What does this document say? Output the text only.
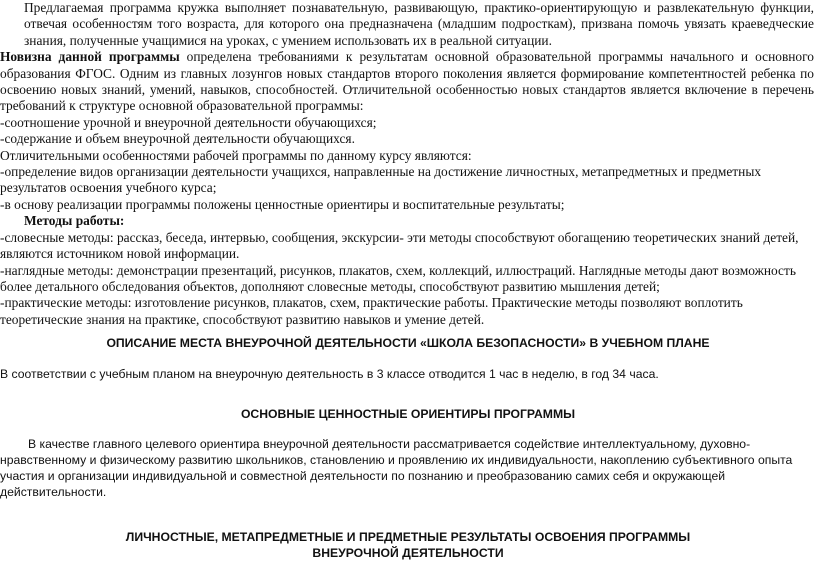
Предлагаемая программа кружка выполняет познавательную, развивающую, практико-ориентирующую и развлекательную функции, отвечая особенностям того возраста, для которого она предназначена (младшим подросткам), призвана помочь увязать краеведческие знания, полученные учащимися на уроках, с умением использовать их в реальной ситуации.

Новизна данной программы определена требованиями к результатам основной образовательной программы начального и основного образования ФГОС. Одним из главных лозунгов новых стандартов второго поколения является формирование компетентностей ребенка по освоению новых знаний, умений, навыков, способностей. Отличительной особенностью новых стандартов является включение в перечень требований к структуре основной образовательной программы:

-соотношение урочной и внеурочной деятельности обучающихся;

-содержание и объем внеурочной деятельности обучающихся.

Отличительными особенностями рабочей программы по данному курсу являются:

-определение видов организации деятельности учащихся, направленные на достижение личностных, метапредметных и предметных результатов освоения учебного курса;

-в основу реализации программы положены ценностные ориентиры и воспитательные результаты;

Методы работы:

-словесные методы: рассказ, беседа, интервью, сообщения, экскурсии- эти методы способствуют обогащению теоретических знаний детей, являются источником новой информации.

-наглядные методы: демонстрации презентаций, рисунков, плакатов, схем, коллекций, иллюстраций. Наглядные методы дают возможность более детального обследования объектов, дополняют словесные методы, способствуют развитию мышления детей;

-практические методы: изготовление рисунков, плакатов, схем, практические работы. Практические методы позволяют воплотить теоретические знания на практике, способствуют развитию навыков и умение детей.

ОПИСАНИЕ МЕСТА ВНЕУРОЧНОЙ ДЕЯТЕЛЬНОСТИ «ШКОЛА БЕЗОПАСНОСТИ» В УЧЕБНОМ ПЛАНЕ

В соответствии с учебным планом на внеурочную деятельность в 3 классе отводится 1 час в неделю, в год 34 часа.

ОСНОВНЫЕ ЦЕННОСТНЫЕ ОРИЕНТИРЫ ПРОГРАММЫ

В качестве главного целевого ориентира внеурочной деятельности рассматривается содействие интеллектуальному, духовно-нравственному и физическому развитию школьников, становлению и проявлению их индивидуальности, накоплению субъективного опыта участия и организации индивидуальной и совместной деятельности по познанию и преобразованию самих себя и окружающей действительности.

ЛИЧНОСТНЫЕ, МЕТАПРЕДМЕТНЫЕ И ПРЕДМЕТНЫЕ РЕЗУЛЬТАТЫ ОСВОЕНИЯ ПРОГРАММЫ
ВНЕУРОЧНОЙ ДЕЯТЕЛЬНОСТИ
